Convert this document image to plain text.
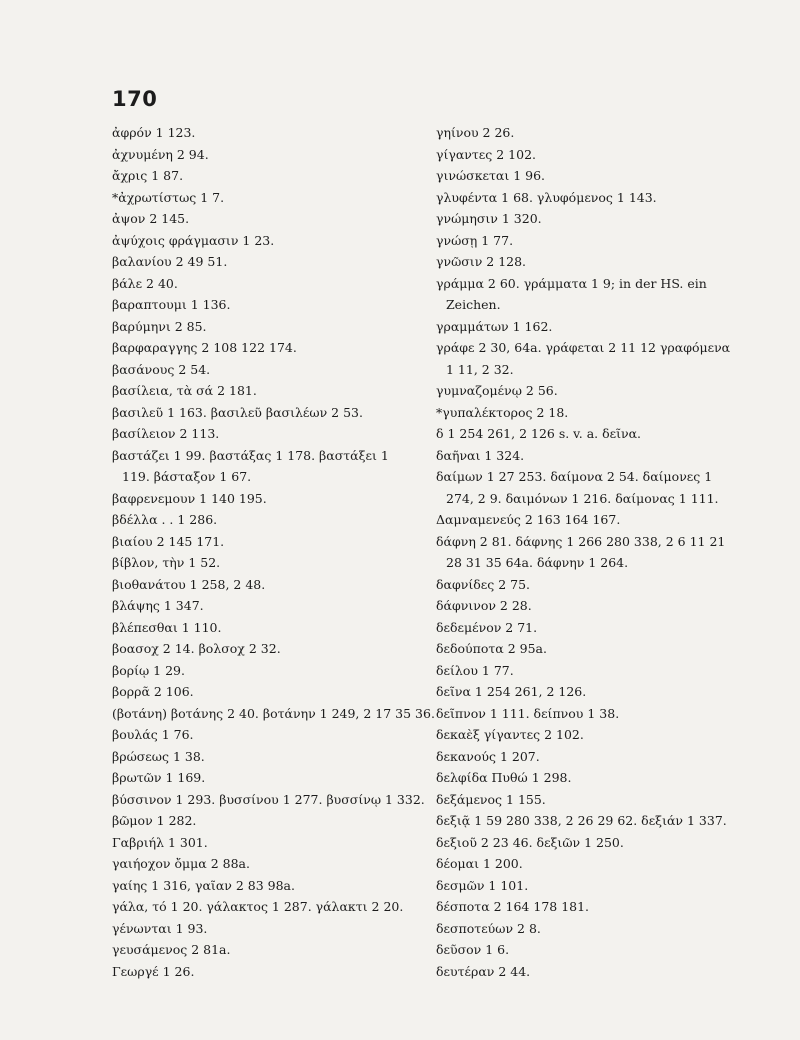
170
ἀφρόν 1 123.
ἀχνυμένη 2 94.
ἄχρις 1 87.
*ἀχρωτίστως 1 7.
ἀψον 2 145.
ἀψύχοις φράγμασιν 1 23.
βαλανίου 2 49 51.
βάλε 2 40.
βαραπτουμι 1 136.
βαρύμηνι 2 85.
βαρφαραγγης 2 108 122 174.
βασάνους 2 54.
βασίλεια, τὰ σά 2 181.
βασιλεῦ 1 163. βασιλεῦ βασιλέων 2 53.
βασίλειον 2 113.
βαστάζει 1 99. βαστάξας 1 178. βαστάξει 1 119. βάσταξον 1 67.
βαφρενεμουν 1 140 195.
βδέλλα . . 1 286.
βιαίου 2 145 171.
βίβλον, τὴν 1 52.
βιοθανάτου 1 258, 2 48.
βλάψης 1 347.
βλέπεσθαι 1 110.
βοασοχ 2 14. βολσοχ 2 32.
βορίῳ 1 29.
βορρᾶ 2 106.
(βοτάνη) βοτάνης 2 40. βοτάνην 1 249, 2 17 35 36.
βουλάς 1 76.
βρώσεως 1 38.
βρωτῶν 1 169.
βύσσινον 1 293. βυσσίνου 1 277. βυσσίνῳ 1 332.
βῶμον 1 282.
Γαβριήλ 1 301.
γαιήοχον ὄμμα 2 88a.
γαίης 1 316, γαῖαν 2 83 98a.
γάλα, τό 1 20. γάλακτος 1 287. γάλακτι 2 20.
γένωνται 1 93.
γευσάμενος 2 81a.
Γεωργέ 1 26.
γηίνου 2 26.
γίγαντες 2 102.
γινώσκεται 1 96.
γλυφέντα 1 68. γλυφόμενος 1 143.
γνώμησιν 1 320.
γνώσῃ 1 77.
γνῶσιν 2 128.
γράμμα 2 60. γράμματα 1 9; in der HS. ein Zeichen.
γραμμάτων 1 162.
γράφε 2 30, 64a. γράφεται 2 11 12 γραφόμενα 1 11, 2 32.
γυμναζομένῳ 2 56.
*γυπαλέκτορος 2 18.
δ 1 254 261, 2 126 s. v. a. δεῖνα.
δαῆναι 1 324.
δαίμων 1 27 253. δαίμονα 2 54. δαίμονες 1 274, 2 9. δαιμόνων 1 216. δαίμονας 1 111.
Δαμναμενεύς 2 163 164 167.
δάφνη 2 81. δάφνης 1 266 280 338, 2 6 11 21 28 31 35 64a. δάφνην 1 264.
δαφνίδες 2 75.
δάφνινον 2 28.
δεδεμένον 2 71.
δεδούποτα 2 95a.
δείλου 1 77.
δεῖνα 1 254 261, 2 126.
δεῖπνον 1 111. δείπνου 1 38.
δεκαὲξ γίγαντες 2 102.
δεκανούς 1 207.
δελφίδα Πυθώ 1 298.
δεξάμενος 1 155.
δεξιᾷ 1 59 280 338, 2 26 29 62. δεξιάν 1 337.
δεξιοῦ 2 23 46. δεξιῶν 1 250.
δέομαι 1 200.
δεσμῶν 1 101.
δέσποτα 2 164 178 181.
δεσποτεύων 2 8.
δεῦσον 1 6.
δευτέραν 2 44.
